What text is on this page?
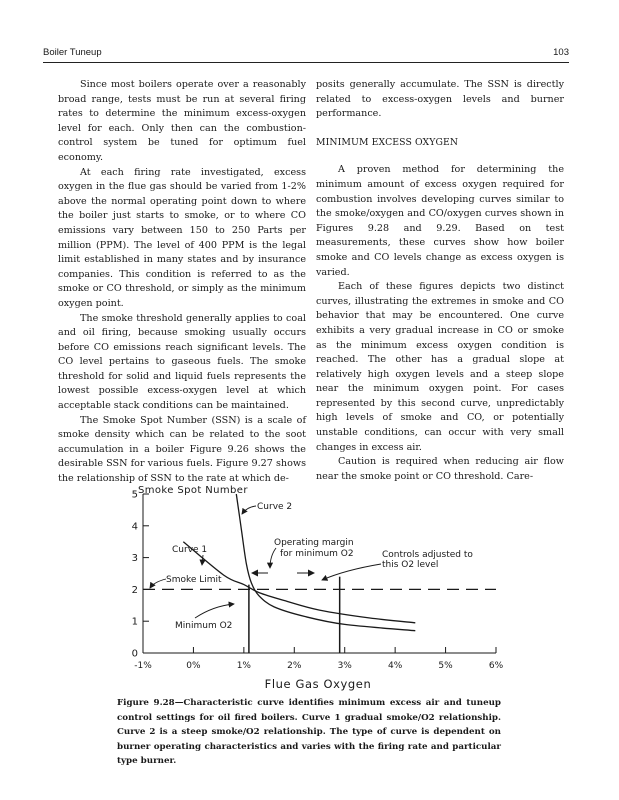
Boiler Tuneup	103

Since most boilers operate over a reasonably broad range, tests must be run at several firing rates to determine the minimum excess-oxygen level for each. Only then can the combustion-control system be tuned for optimum fuel economy.

At each firing rate investigated, excess oxygen in the flue gas should be varied from 1-2% above the normal operating point down to where the boiler just starts to smoke, or to where CO emissions vary between 150 to 250 Parts per million (PPM). The level of 400 PPM is the legal limit established in many states and by insurance companies. This condition is referred to as the smoke or CO threshold, or simply as the minimum oxygen point.

The smoke threshold generally applies to coal and oil firing, because smoking usually occurs before CO emissions reach significant levels. The CO level pertains to gaseous fuels. The smoke threshold for solid and liquid fuels represents the lowest possible excess-oxygen level at which acceptable stack conditions can be maintained.

The Smoke Spot Number (SSN) is a scale of smoke density which can be related to the soot accumulation in a boiler Figure 9.26 shows the desirable SSN for various fuels. Figure 9.27 shows the relationship of SSN to the rate at which de-

posits generally accumulate. The SSN is directly related to excess-oxygen levels and burner performance.

MINIMUM EXCESS OXYGEN

A proven method for determining the minimum amount of excess oxygen required for combustion involves developing curves similar to the smoke/oxygen and CO/oxygen curves shown in Figures 9.28 and 9.29. Based on test measurements, these curves show how boiler smoke and CO levels change as excess oxygen is varied.

Each of these figures depicts two distinct curves, illustrating the extremes in smoke and CO behavior that may be encountered. One curve exhibits a very gradual increase in CO or smoke as the minimum excess oxygen condition is reached. The other has a gradual slope at relatively high oxygen levels and a steep slope near the minimum oxygen point. For cases represented by this second curve, unpredictably high levels of smoke and CO, or potentially unstable conditions, can occur with very small changes in excess air.

Caution is required when reducing air flow near the smoke point or CO threshold. Care-

Smoke Spot Number
0
1
2
3
4
5
-1%	0%	1%	2%	3%	4%	5%	6%
Flue Gas Oxygen
Curve 2
Curve 1
Smoke Limit
Minimum O2
Operating margin
for minimum O2	Controls adjusted to
this O2 level

Figure 9.28—Characteristic curve identifies minimum excess air and tuneup control settings for oil fired boilers. Curve 1 gradual smoke/O2 relationship. Curve 2 is a steep smoke/O2 relationship. The type of curve is dependent on burner operating characteristics and varies with the firing rate and particular type burner.
